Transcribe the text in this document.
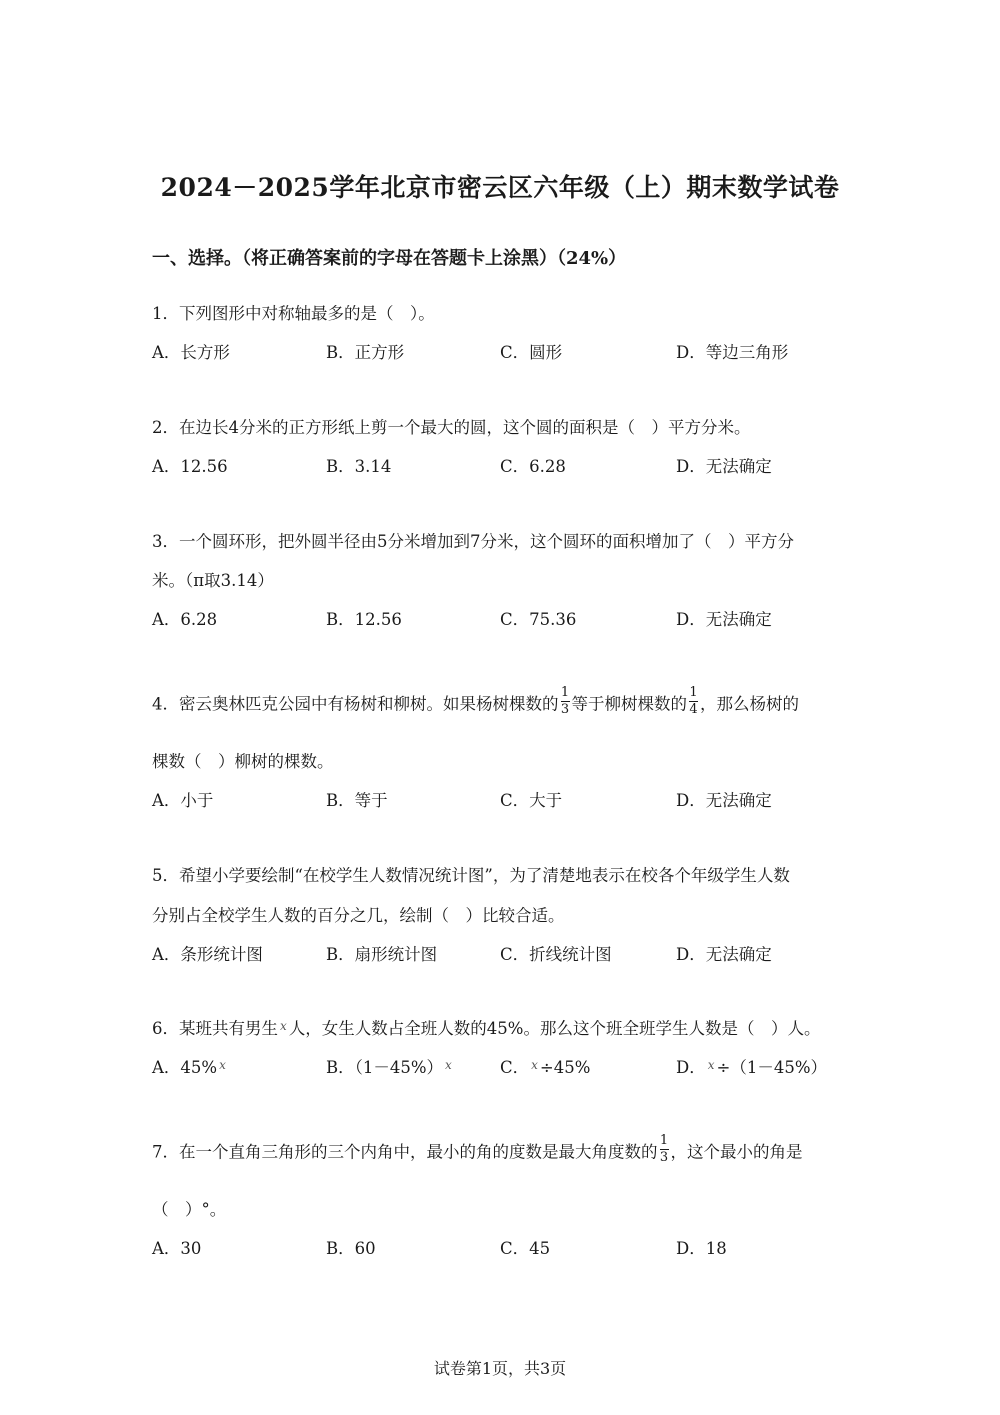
2024－2025学年北京市密云区六年级（上）期末数学试卷
一、选择。（将正确答案前的字母在答题卡上涂黑）（24%）
1．下列图形中对称轴最多的是（　）。
A．长方形	B．正方形	C．圆形	D．等边三角形
2．在边长4分米的正方形纸上剪一个最大的圆，这个圆的面积是（　）平方分米。
A．12.56	B．3.14	C．6.28	D．无法确定
3．一个圆环形，把外圆半径由5分米增加到7分米，这个圆环的面积增加了（　）平方分
米。（π取3.14）
A．6.28	B．12.56	C．75.36	D．无法确定
4．密云奥林匹克公园中有杨树和柳树。如果杨树棵数的 $\frac{1}{3}$ 等于柳树棵数的 $\frac{1}{4}$ ，那么杨树的
棵数（　）柳树的棵数。
A．小于	B．等于	C．大于	D．无法确定
5．希望小学要绘制“在校学生人数情况统计图”，为了清楚地表示在校各个年级学生人数
分别占全校学生人数的百分之几，绘制（　）比较合适。
A．条形统计图	B．扇形统计图	C．折线统计图	D．无法确定
6．某班共有男生 $^x$ 人，女生人数占全班人数的45%。那么这个班全班学生人数是（　）人。
A．45% $^x$	B．（1－45%） $^x$	C． $^x$ ÷45%	D． $^x$ ÷（1－45%）
7．在一个直角三角形的三个内角中，最小的角的度数是最大角度数的 $\frac{1}{3}$ ，这个最小的角是
（　）°。
A．30	B．60	C．45	D．18
试卷第1页，共3页
